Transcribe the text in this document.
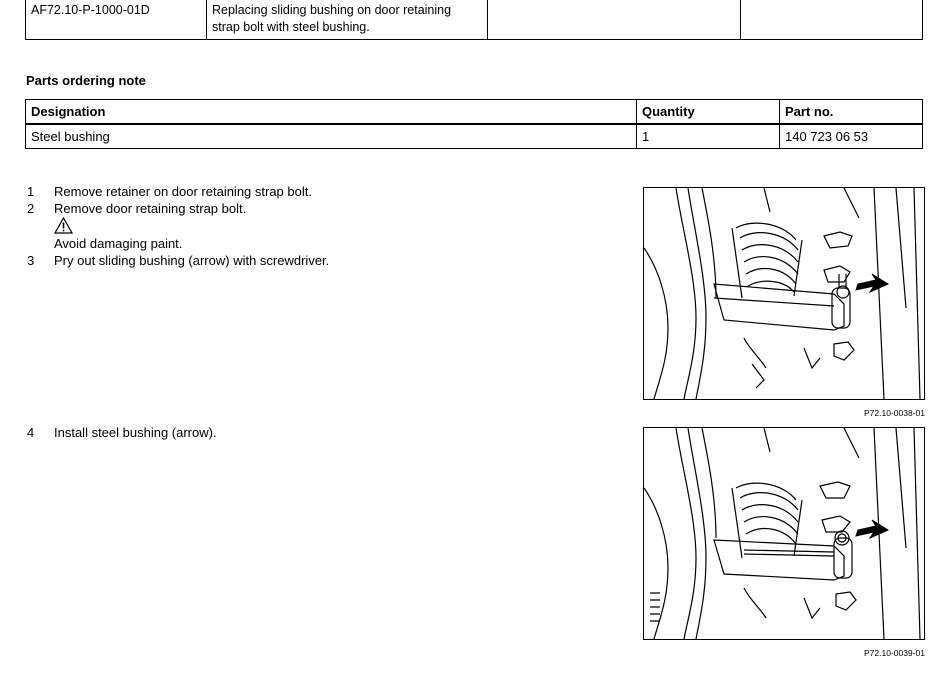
AF72.10-P-1000-01D	Replacing sliding bushing on door retaining
strap bolt with steel bushing.		
Parts ordering note
Designation	Quantity	Part no.
Steel bushing	1	140 723 06 53
1 Remove retainer on door retaining strap bolt.
2 Remove door retaining strap bolt.
Avoid damaging paint.
3 Pry out sliding bushing (arrow) with screwdriver.
4 Install steel bushing (arrow).
P72.10-0038-01
P72.10-0039-01
